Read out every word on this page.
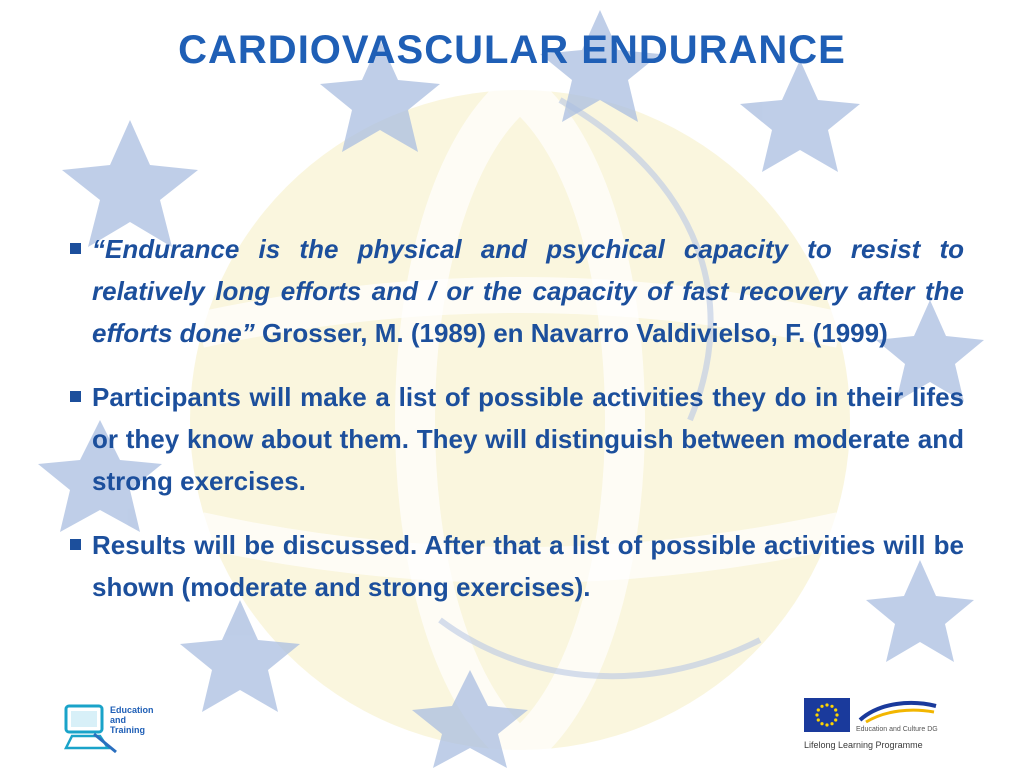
CARDIOVASCULAR ENDURANCE
“Endurance is the physical and psychical capacity to resist to relatively long efforts and / or the capacity of fast recovery after the efforts done” Grosser, M. (1989) en Navarro Valdivielso, F. (1999)
Participants will make a list of possible activities they do in their lifes or they know about them. They will distinguish between moderate and strong exercises.
Results will be discussed. After that a list of possible activities will be shown (moderate and strong exercises).
Education
and
Training	Education and Culture DG
Lifelong Learning Programme
